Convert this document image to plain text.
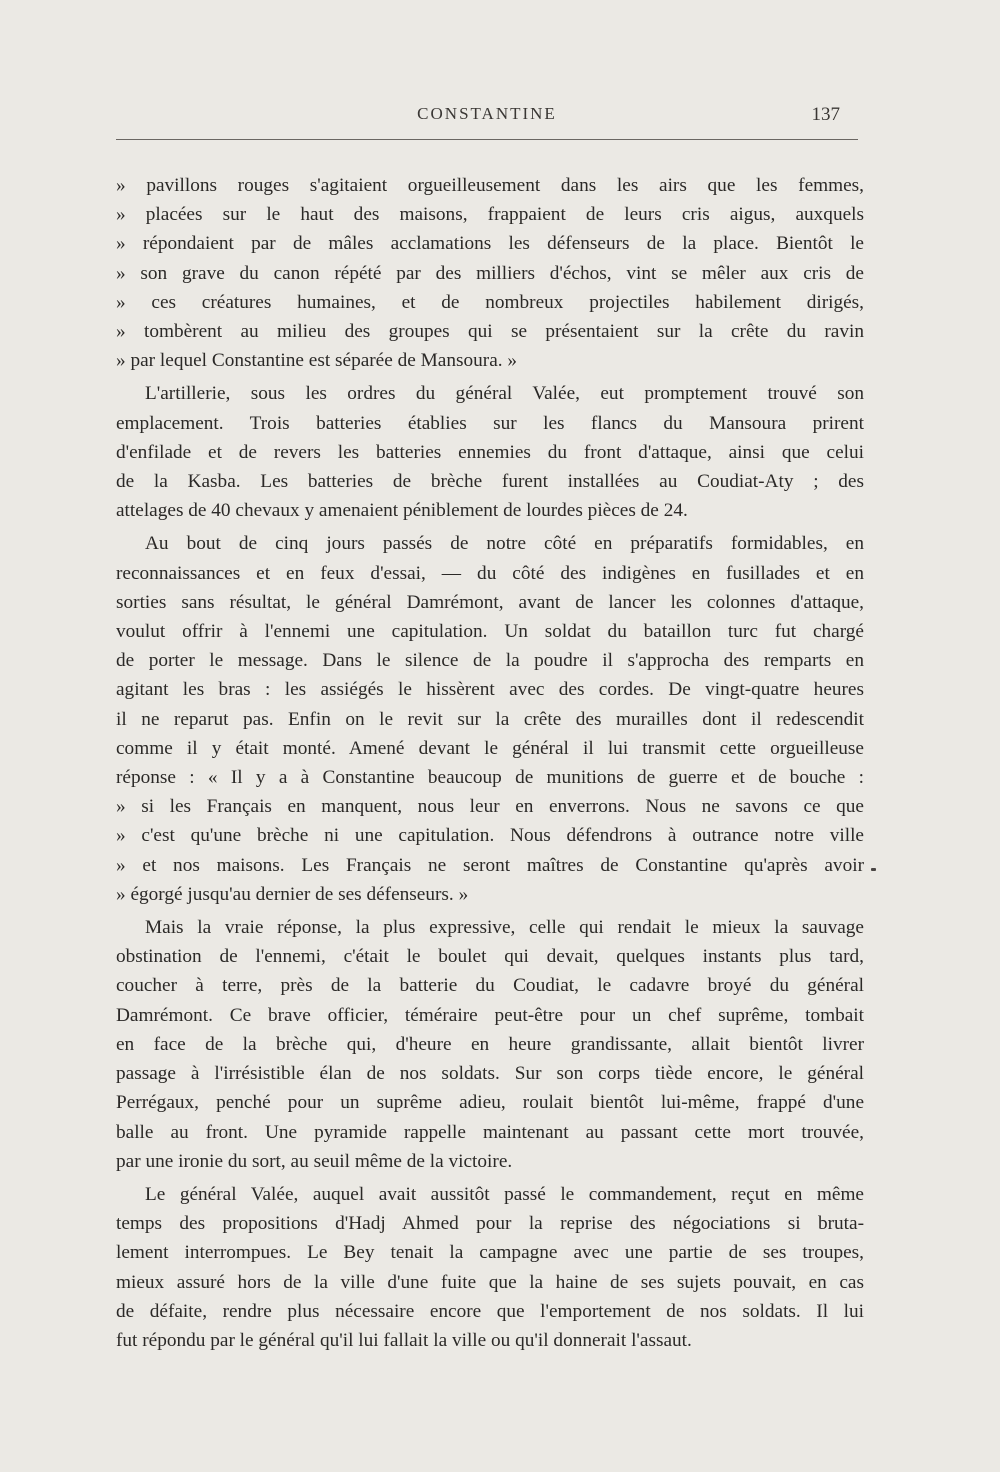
CONSTANTINE	137

» pavillons rouges s'agitaient orgueilleusement dans les airs que les femmes,

» placées sur le haut des maisons, frappaient de leurs cris aigus, auxquels

» répondaient par de mâles acclamations les défenseurs de la place. Bientôt le

» son grave du canon répété par des milliers d'échos, vint se mêler aux cris de

» ces créatures humaines, et de nombreux projectiles habilement dirigés,

» tombèrent au milieu des groupes qui se présentaient sur la crête du ravin

» par lequel Constantine est séparée de Mansoura. »

L'artillerie, sous les ordres du général Valée, eut promptement trouvé son

emplacement. Trois batteries établies sur les flancs du Mansoura prirent

d'enfilade et de revers les batteries ennemies du front d'attaque, ainsi que celui

de la Kasba. Les batteries de brèche furent installées au Coudiat-Aty ; des

attelages de 40 chevaux y amenaient péniblement de lourdes pièces de 24.

Au bout de cinq jours passés de notre côté en préparatifs formidables, en

reconnaissances et en feux d'essai, — du côté des indigènes en fusillades et en

sorties sans résultat, le général Damrémont, avant de lancer les colonnes d'attaque,

voulut offrir à l'ennemi une capitulation. Un soldat du bataillon turc fut chargé

de porter le message. Dans le silence de la poudre il s'approcha des remparts en

agitant les bras : les assiégés le hissèrent avec des cordes. De vingt-quatre heures

il ne reparut pas. Enfin on le revit sur la crête des murailles dont il redescendit

comme il y était monté. Amené devant le général il lui transmit cette orgueilleuse

réponse : « Il y a à Constantine beaucoup de munitions de guerre et de bouche :

» si les Français en manquent, nous leur en enverrons. Nous ne savons ce que

» c'est qu'une brèche ni une capitulation. Nous défendrons à outrance notre ville

» et nos maisons. Les Français ne seront maîtres de Constantine qu'après avoir

» égorgé jusqu'au dernier de ses défenseurs. »

Mais la vraie réponse, la plus expressive, celle qui rendait le mieux la sauvage

obstination de l'ennemi, c'était le boulet qui devait, quelques instants plus tard,

coucher à terre, près de la batterie du Coudiat, le cadavre broyé du général

Damrémont. Ce brave officier, téméraire peut-être pour un chef suprême, tombait

en face de la brèche qui, d'heure en heure grandissante, allait bientôt livrer

passage à l'irrésistible élan de nos soldats. Sur son corps tiède encore, le général

Perrégaux, penché pour un suprême adieu, roulait bientôt lui-même, frappé d'une

balle au front. Une pyramide rappelle maintenant au passant cette mort trouvée,

par une ironie du sort, au seuil même de la victoire.

Le général Valée, auquel avait aussitôt passé le commandement, reçut en même

temps des propositions d'Hadj Ahmed pour la reprise des négociations si bruta-

lement interrompues. Le Bey tenait la campagne avec une partie de ses troupes,

mieux assuré hors de la ville d'une fuite que la haine de ses sujets pouvait, en cas

de défaite, rendre plus nécessaire encore que l'emportement de nos soldats. Il lui

fut répondu par le général qu'il lui fallait la ville ou qu'il donnerait l'assaut.
